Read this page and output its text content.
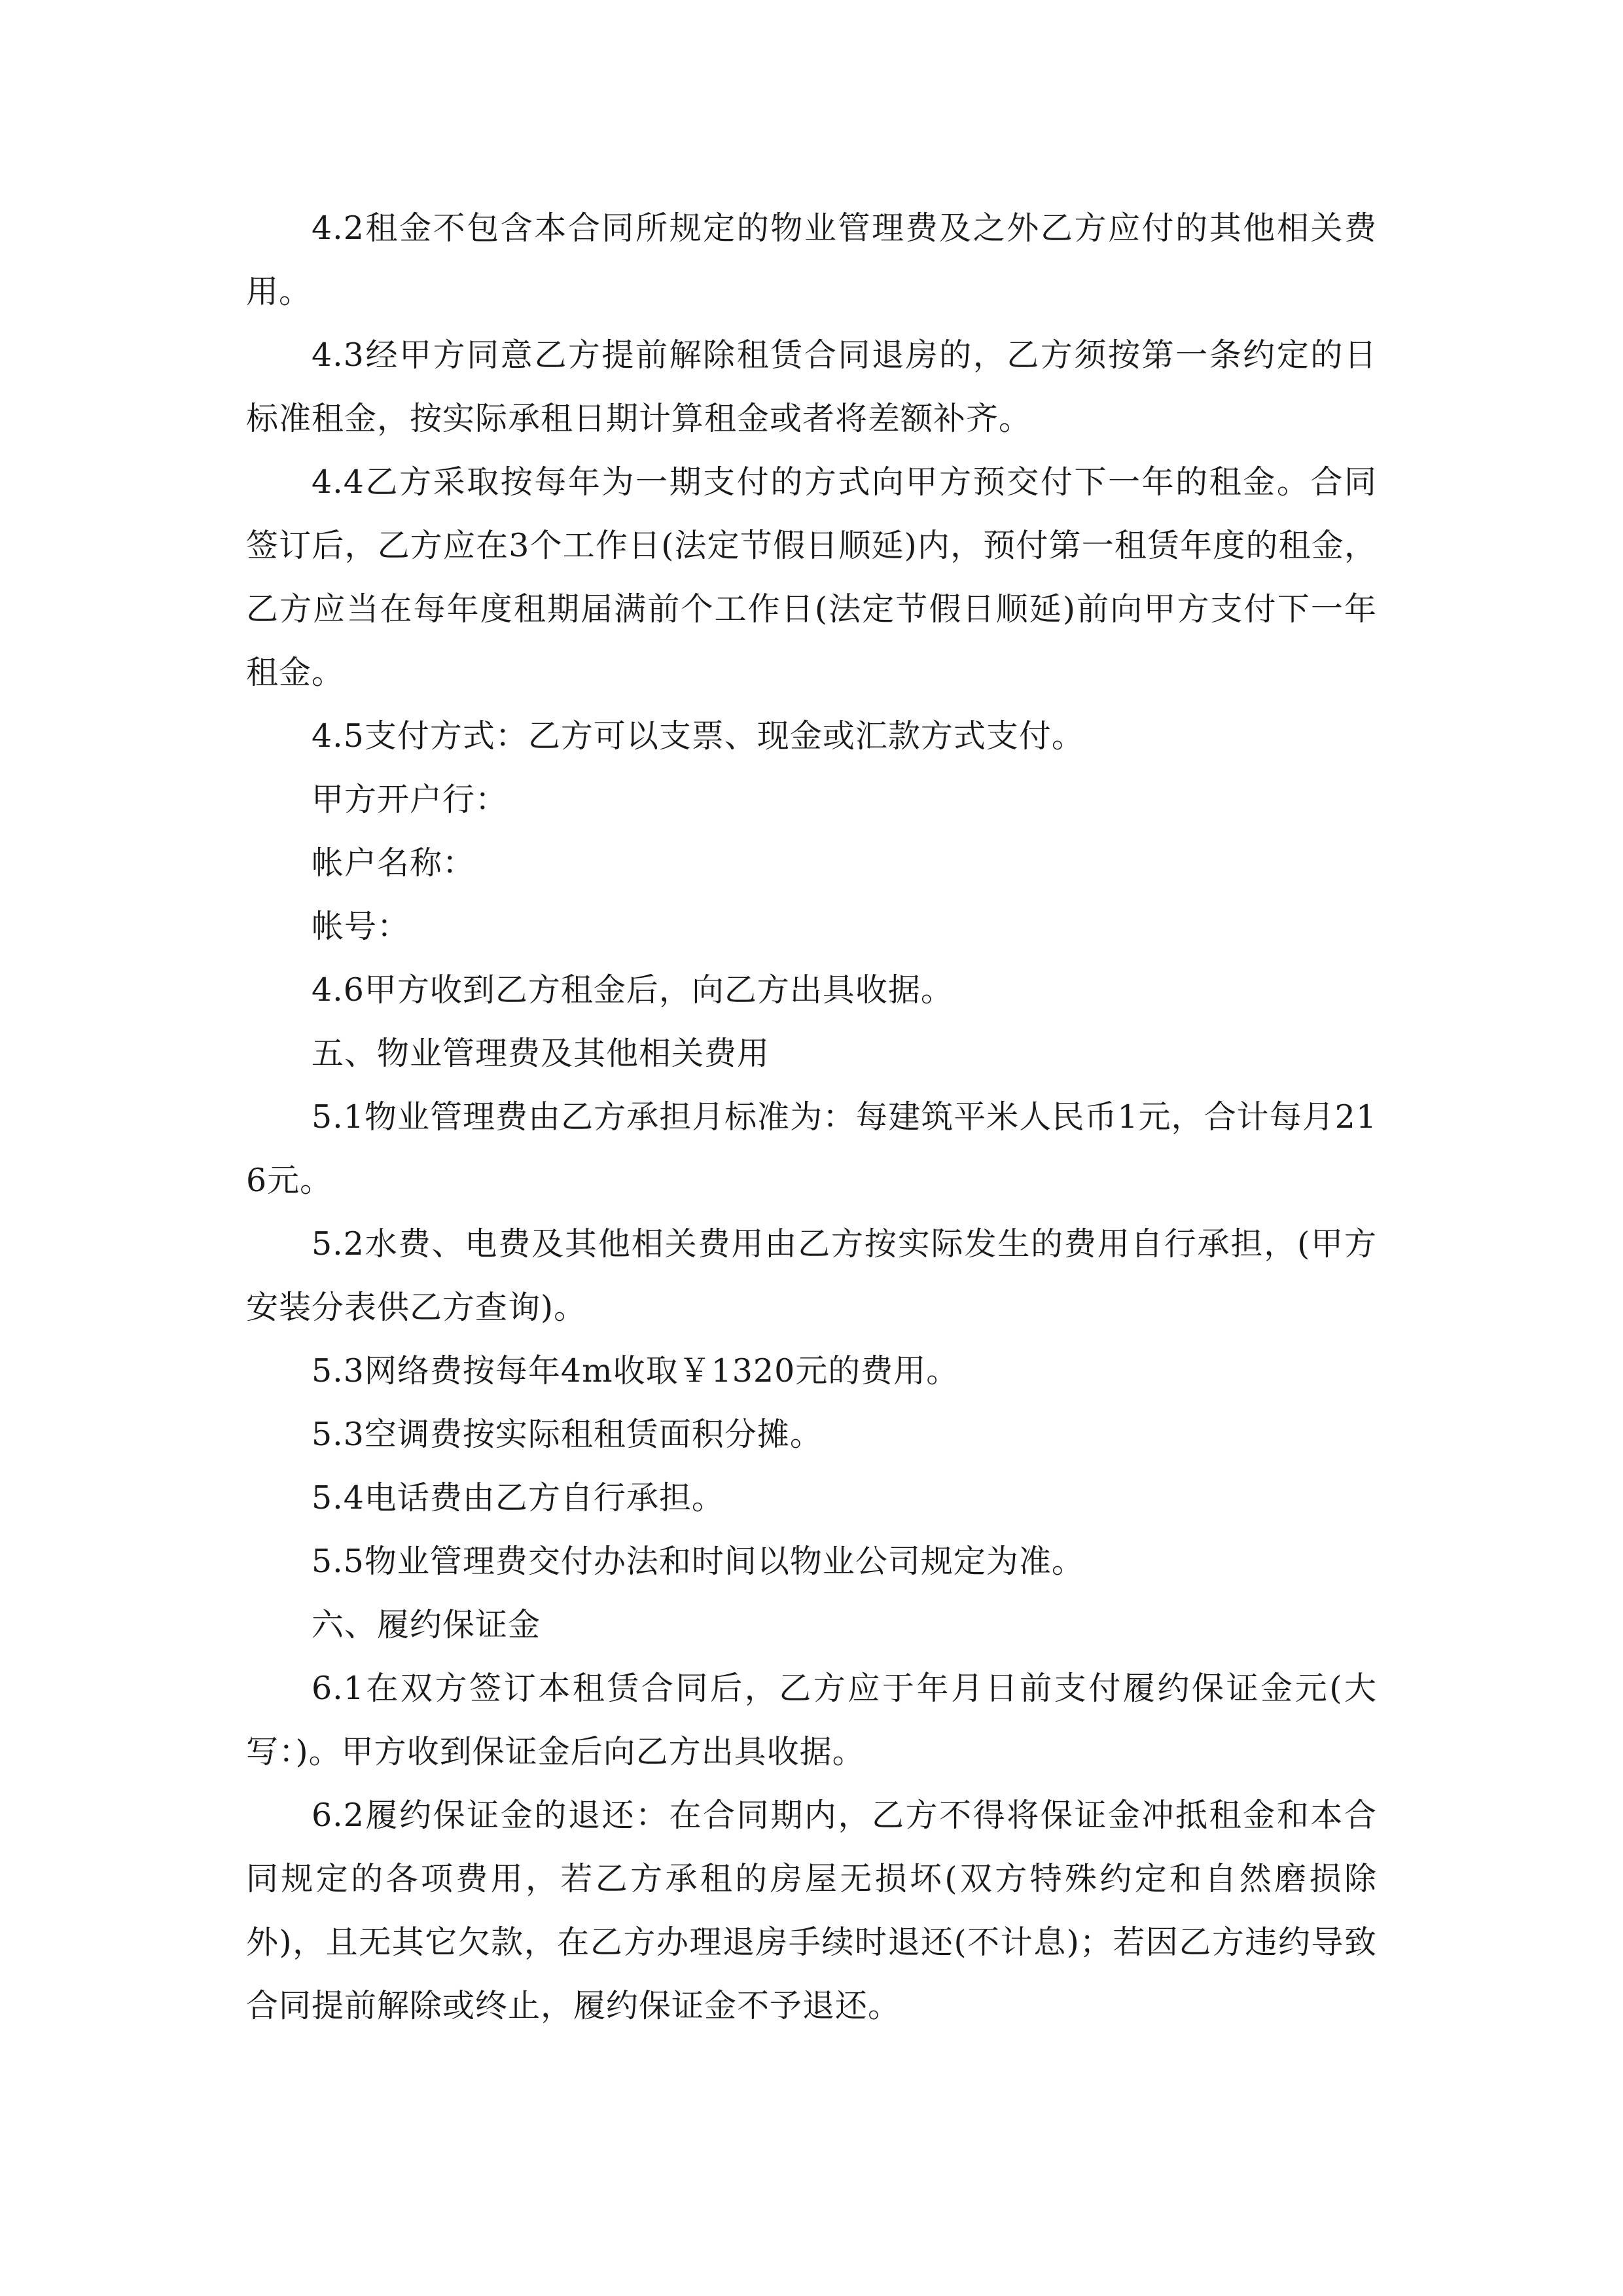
4.2租金不包含本合同所规定的物业管理费及之外乙方应付的其他相关费用。

4.3经甲方同意乙方提前解除租赁合同退房的，乙方须按第一条约定的日标准租金，按实际承租日期计算租金或者将差额补齐。

4.4乙方采取按每年为一期支付的方式向甲方预交付下一年的租金。合同签订后，乙方应在3个工作日(法定节假日顺延)内，预付第一租赁年度的租金，乙方应当在每年度租期届满前个工作日(法定节假日顺延)前向甲方支付下一年租金。

4.5支付方式：乙方可以支票、现金或汇款方式支付。

甲方开户行：

帐户名称：

帐号：

4.6甲方收到乙方租金后，向乙方出具收据。

五、物业管理费及其他相关费用

5.1物业管理费由乙方承担月标准为：每建筑平米人民币1元，合计每月216元。

5.2水费、电费及其他相关费用由乙方按实际发生的费用自行承担，(甲方安装分表供乙方查询)。

5.3网络费按每年4m收取￥1320元的费用。

5.3空调费按实际租租赁面积分摊。

5.4电话费由乙方自行承担。

5.5物业管理费交付办法和时间以物业公司规定为准。

六、履约保证金

6.1在双方签订本租赁合同后，乙方应于年月日前支付履约保证金元(大写：)。甲方收到保证金后向乙方出具收据。

6.2履约保证金的退还：在合同期内，乙方不得将保证金冲抵租金和本合同规定的各项费用，若乙方承租的房屋无损坏(双方特殊约定和自然磨损除外)，且无其它欠款，在乙方办理退房手续时退还(不计息)；若因乙方违约导致合同提前解除或终止，履约保证金不予退还。
